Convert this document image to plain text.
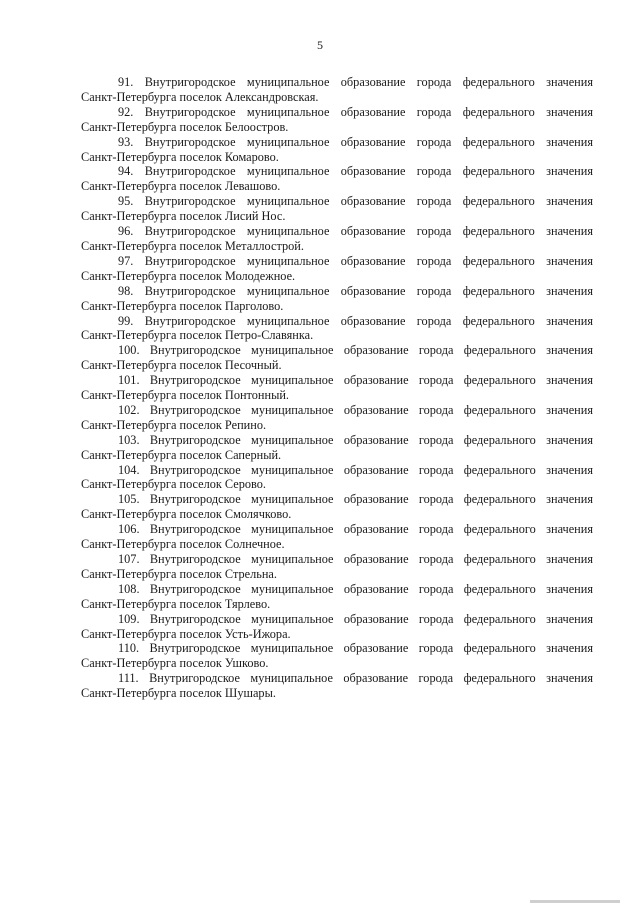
5
91. Внутригородское муниципальное образование города федерального значения
Санкт-Петербурга поселок Александровская.
92. Внутригородское муниципальное образование города федерального значения
Санкт-Петербурга поселок Белоостров.
93. Внутригородское муниципальное образование города федерального значения
Санкт-Петербурга поселок Комарово.
94. Внутригородское муниципальное образование города федерального значения
Санкт-Петербурга поселок Левашово.
95. Внутригородское муниципальное образование города федерального значения
Санкт-Петербурга поселок Лисий Нос.
96. Внутригородское муниципальное образование города федерального значения
Санкт-Петербурга поселок Металлострой.
97. Внутригородское муниципальное образование города федерального значения
Санкт-Петербурга поселок Молодежное.
98. Внутригородское муниципальное образование города федерального значения
Санкт-Петербурга поселок Парголово.
99. Внутригородское муниципальное образование города федерального значения
Санкт-Петербурга поселок Петро-Славянка.
100. Внутригородское муниципальное образование города федерального значения
Санкт-Петербурга поселок Песочный.
101. Внутригородское муниципальное образование города федерального значения
Санкт-Петербурга поселок Понтонный.
102. Внутригородское муниципальное образование города федерального значения
Санкт-Петербурга поселок Репино.
103. Внутригородское муниципальное образование города федерального значения
Санкт-Петербурга поселок Саперный.
104. Внутригородское муниципальное образование города федерального значения
Санкт-Петербурга поселок Серово.
105. Внутригородское муниципальное образование города федерального значения
Санкт-Петербурга поселок Смолячково.
106. Внутригородское муниципальное образование города федерального значения
Санкт-Петербурга поселок Солнечное.
107. Внутригородское муниципальное образование города федерального значения
Санкт-Петербурга поселок Стрельна.
108. Внутригородское муниципальное образование города федерального значения
Санкт-Петербурга поселок Тярлево.
109. Внутригородское муниципальное образование города федерального значения
Санкт-Петербурга поселок Усть-Ижора.
110. Внутригородское муниципальное образование города федерального значения
Санкт-Петербурга поселок Ушково.
111. Внутригородское муниципальное образование города федерального значения
Санкт-Петербурга поселок Шушары.
